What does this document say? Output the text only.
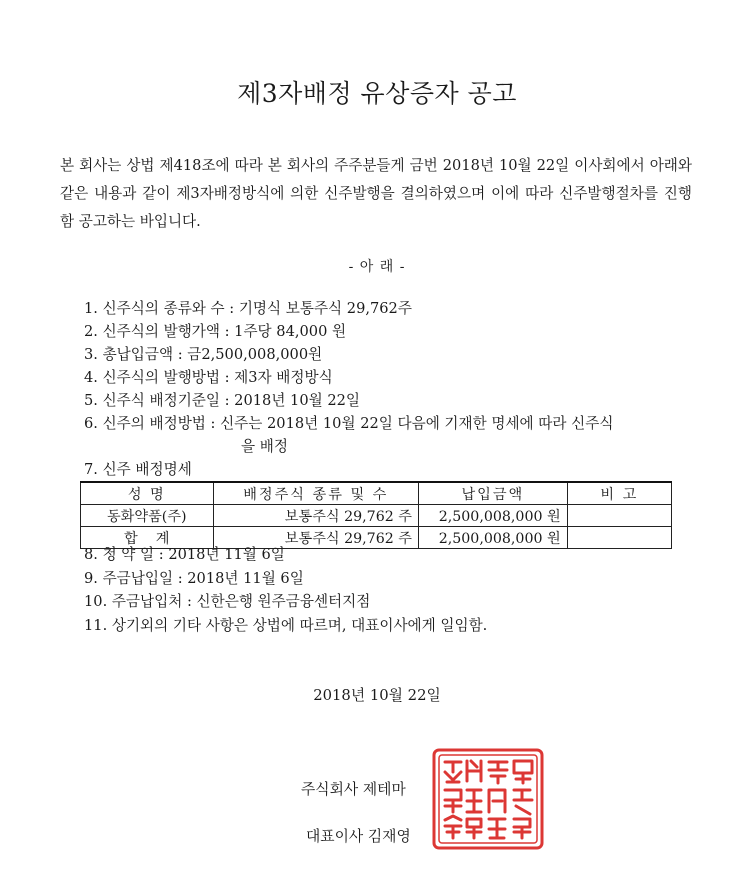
제3자배정 유상증자 공고

본 회사는 상법 제418조에 따라 본 회사의 주주분들게 금번 2018년 10월 22일 이사회에서 아래와 같은 내용과 같이 제3자배정방식에 의한 신주발행을 결의하였으며 이에 따라 신주발행절차를 진행함 공고하는 바입니다.

- 아 래 -
1. 신주식의 종류와 수 : 기명식 보통주식 29,762주
2. 신주식의 발행가액 : 1주당 84,000 원
3. 총납입금액 : 금2,500,008,000원
4. 신주식의 발행방법 : 제3자 배정방식
5. 신주식 배정기준일 : 2018년 10월 22일
6. 신주의 배정방법 : 신주는 2018년 10월 22일 다음에 기재한 명세에 따라 신주식
을 배정
7. 신주 배정명세
성 명	배정주식 종류 및 수	납입금액	비 고
동화약품(주)	보통주식 29,762 주	2,500,008,000 원	
합    계	보통주식 29,762 주	2,500,008,000 원	
8. 청 약 일 : 2018년 11월 6일
9. 주금납입일 : 2018년 11월 6일
10. 주금납입처 : 신한은행 원주금융센터지점
11. 상기외의 기타 사항은 상법에 따르며, 대표이사에게 일임함.
2018년 10월 22일
주식회사 제테마
대표이사 김재영
